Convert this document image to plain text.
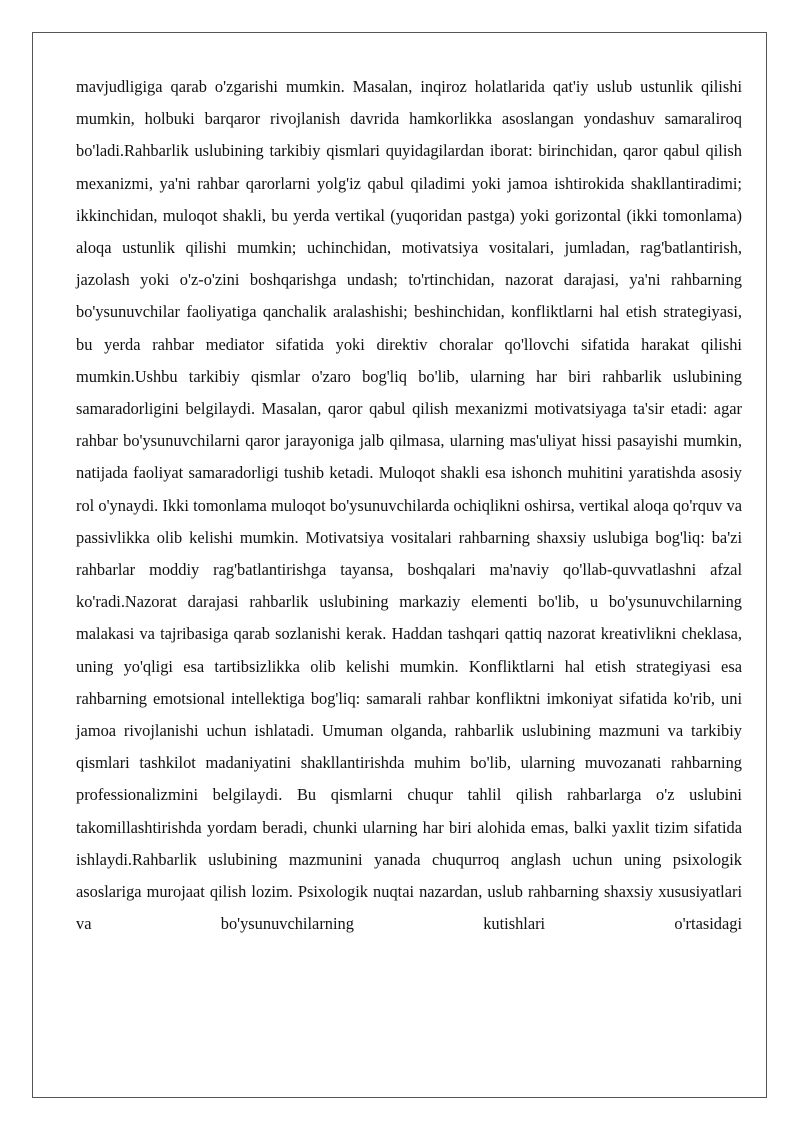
mavjudligiga qarab o'zgarishi mumkin. Masalan, inqiroz holatlarida qat'iy uslub ustunlik qilishi mumkin, holbuki barqaror rivojlanish davrida hamkorlikka asoslangan yondashuv samaraliroq bo'ladi.Rahbarlik uslubining tarkibiy qismlari quyidagilardan iborat: birinchidan, qaror qabul qilish mexanizmi, ya'ni rahbar qarorlarni yolg'iz qabul qiladimi yoki jamoa ishtirokida shakllantiradimi; ikkinchidan, muloqot shakli, bu yerda vertikal (yuqoridan pastga) yoki gorizontal (ikki tomonlama) aloqa ustunlik qilishi mumkin; uchinchidan, motivatsiya vositalari, jumladan, rag'batlantirish, jazolash yoki o'z-o'zini boshqarishga undash; to'rtinchidan, nazorat darajasi, ya'ni rahbarning bo'ysunuvchilar faoliyatiga qanchalik aralashishi; beshinchidan, konfliktlarni hal etish strategiyasi, bu yerda rahbar mediator sifatida yoki direktiv choralar qo'llovchi sifatida harakat qilishi mumkin.Ushbu tarkibiy qismlar o'zaro bog'liq bo'lib, ularning har biri rahbarlik uslubining samaradorligini belgilaydi. Masalan, qaror qabul qilish mexanizmi motivatsiyaga ta'sir etadi: agar rahbar bo'ysunuvchilarni qaror jarayoniga jalb qilmasa, ularning mas'uliyat hissi pasayishi mumkin, natijada faoliyat samaradorligi tushib ketadi. Muloqot shakli esa ishonch muhitini yaratishda asosiy rol o'ynaydi. Ikki tomonlama muloqot bo'ysunuvchilarda ochiqlikni oshirsa, vertikal aloqa qo'rquv va passivlikka olib kelishi mumkin. Motivatsiya vositalari rahbarning shaxsiy uslubiga bog'liq: ba'zi rahbarlar moddiy rag'batlantirishga tayansa, boshqalari ma'naviy qo'llab-quvvatlashni afzal ko'radi.Nazorat darajasi rahbarlik uslubining markaziy elementi bo'lib, u bo'ysunuvchilarning malakasi va tajribasiga qarab sozlanishi kerak. Haddan tashqari qattiq nazorat kreativlikni cheklasa, uning yo'qligi esa tartibsizlikka olib kelishi mumkin. Konfliktlarni hal etish strategiyasi esa rahbarning emotsional intellektiga bog'liq: samarali rahbar konfliktni imkoniyat sifatida ko'rib, uni jamoa rivojlanishi uchun ishlatadi. Umuman olganda, rahbarlik uslubining mazmuni va tarkibiy qismlari tashkilot madaniyatini shakllantirishda muhim bo'lib, ularning muvozanati rahbarning professionalizmini belgilaydi. Bu qismlarni chuqur tahlil qilish rahbarlarga o'z uslubini takomillashtirishda yordam beradi, chunki ularning har biri alohida emas, balki yaxlit tizim sifatida ishlaydi.Rahbarlik uslubining mazmunini yanada chuqurroq anglash uchun uning psixologik asoslariga murojaat qilish lozim. Psixologik nuqtai nazardan, uslub rahbarning shaxsiy xususiyatlari va bo'ysunuvchilarning kutishlari o'rtasidagi
